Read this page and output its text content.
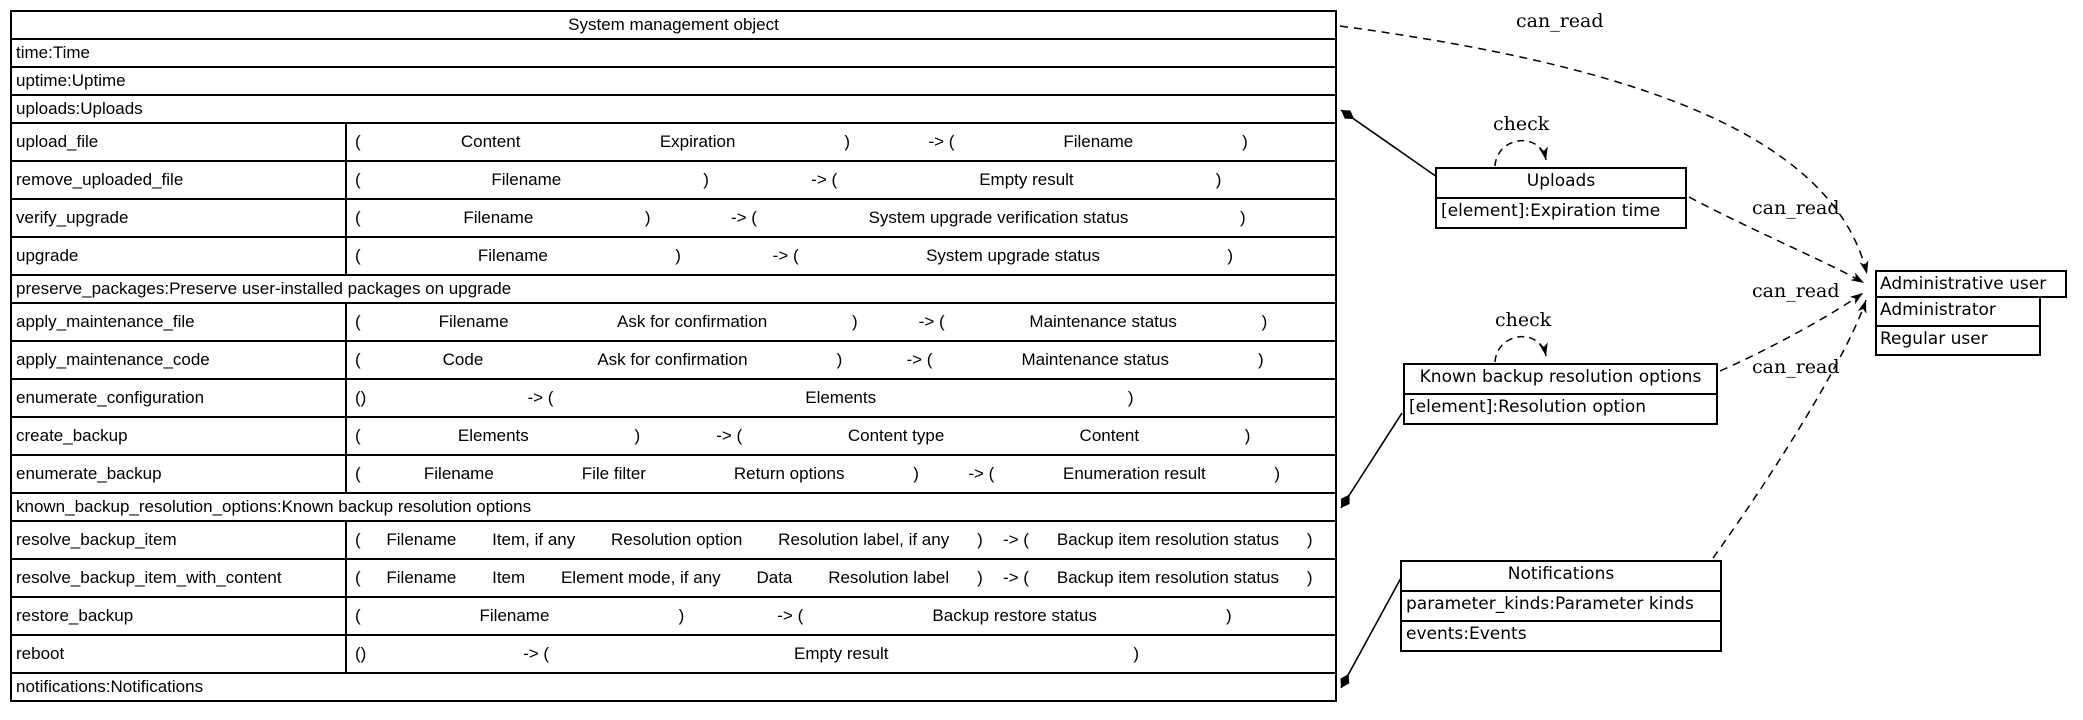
System management object
time:Time
uptime:Uptime
uploads:Uploads
upload_file	(	Content	Expiration	)	-> (	Filename	)
remove_uploaded_file	(	Filename	)	-> (	Empty result	)
verify_upgrade	(	Filename	)	-> (	System upgrade verification status	)
upgrade	(	Filename	)	-> (	System upgrade status	)
preserve_packages:Preserve user-installed packages on upgrade
apply_maintenance_file	(	Filename	Ask for confirmation	)	-> (	Maintenance status	)
apply_maintenance_code	(	Code	Ask for confirmation	)	-> (	Maintenance status	)
enumerate_configuration	()	-> (	Elements	)
create_backup	(	Elements	)	-> (	Content type	Content	)
enumerate_backup	(	Filename	File filter	Return options	)	-> (	Enumeration result	)
known_backup_resolution_options:Known backup resolution options
resolve_backup_item	(	Filename	Item, if any	Resolution option	Resolution label, if any	)	-> (	Backup item resolution status	)
resolve_backup_item_with_content	(	Filename	Item	Element mode, if any	Data	Resolution label	)	-> (	Backup item resolution status	)
restore_backup	(	Filename	)	-> (	Backup restore status	)
reboot	()	-> (	Empty result	)
notifications:Notifications
Uploads
[element]:Expiration time
Known backup resolution options
[element]:Resolution option
Notifications
parameter_kinds:Parameter kinds
events:Events
Administrative user
Administrator
Regular user
can_read
can_read
can_read
can_read
check
check
